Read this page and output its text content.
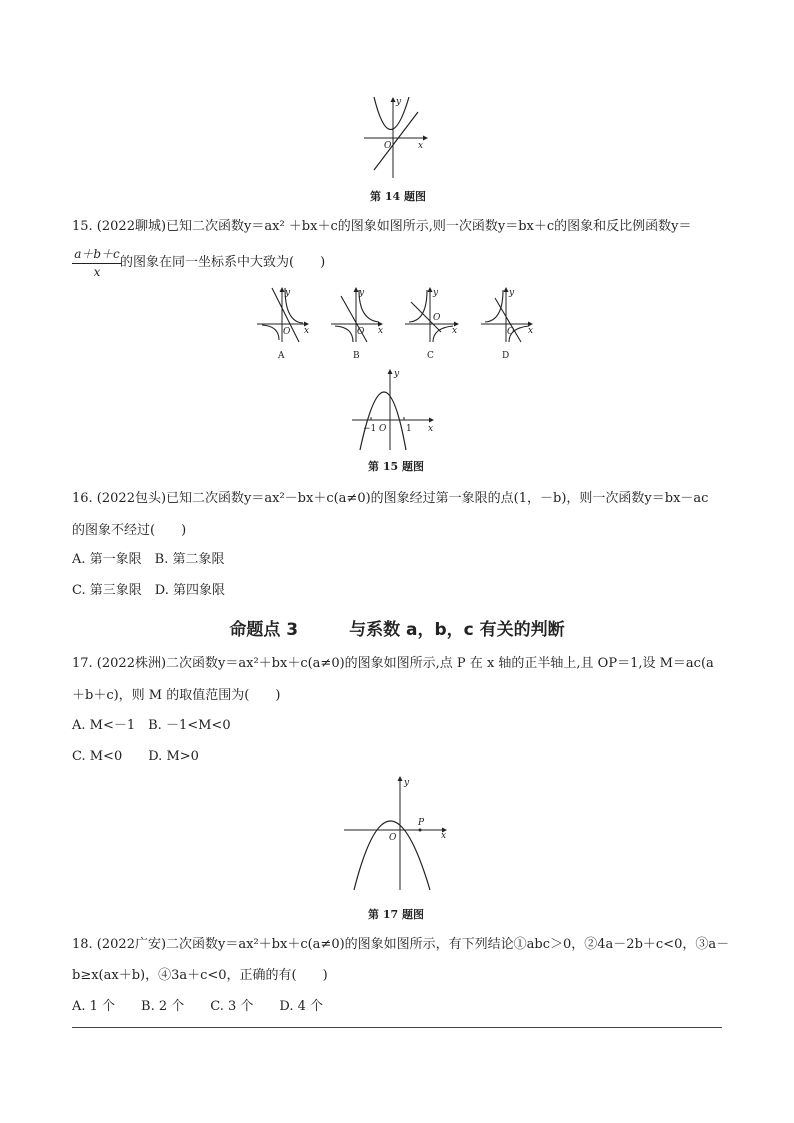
y
x
O
第 14 题图
15. (2022聊城)已知二次函数y＝ax² ＋bx＋c的图象如图所示,则一次函数y＝bx＋c的图象和反比例函数y＝
$\frac{a+b+c}{x}$
的图象在同一坐标系中大致为(　　)
y
x
O
y
x
O
y
x
O
y
x
O
A	B	C	D
y
x
O
−1	1
第 15 题图
16. (2022包头)已知二次函数y＝ax²－bx＋c(a≠0)的图象经过第一象限的点(1，－b)，则一次函数y＝bx－ac
的图象不经过(　　)
A. 第一象限　B. 第二象限
C. 第三象限　D. 第四象限
命题点 3　　　与系数 a，b，c 有关的判断
17. (2022株洲)二次函数y＝ax²＋bx＋c(a≠0)的图象如图所示,点 P 在 x 轴的正半轴上,且 OP＝1,设 M＝ac(a
＋b＋c)，则 M 的取值范围为(　　)
A. M<－1　B. －1<M<0
C. M<0　　D. M>0
y
x
O
P
第 17 题图
18. (2022广安)二次函数y＝ax²＋bx＋c(a≠0)的图象如图所示，有下列结论①abc＞0，②4a－2b＋c<0，③a－
b≥x(ax＋b)，④3a＋c<0，正确的有(　　)
A. 1 个　　B. 2 个　　C. 3 个　　D. 4 个
